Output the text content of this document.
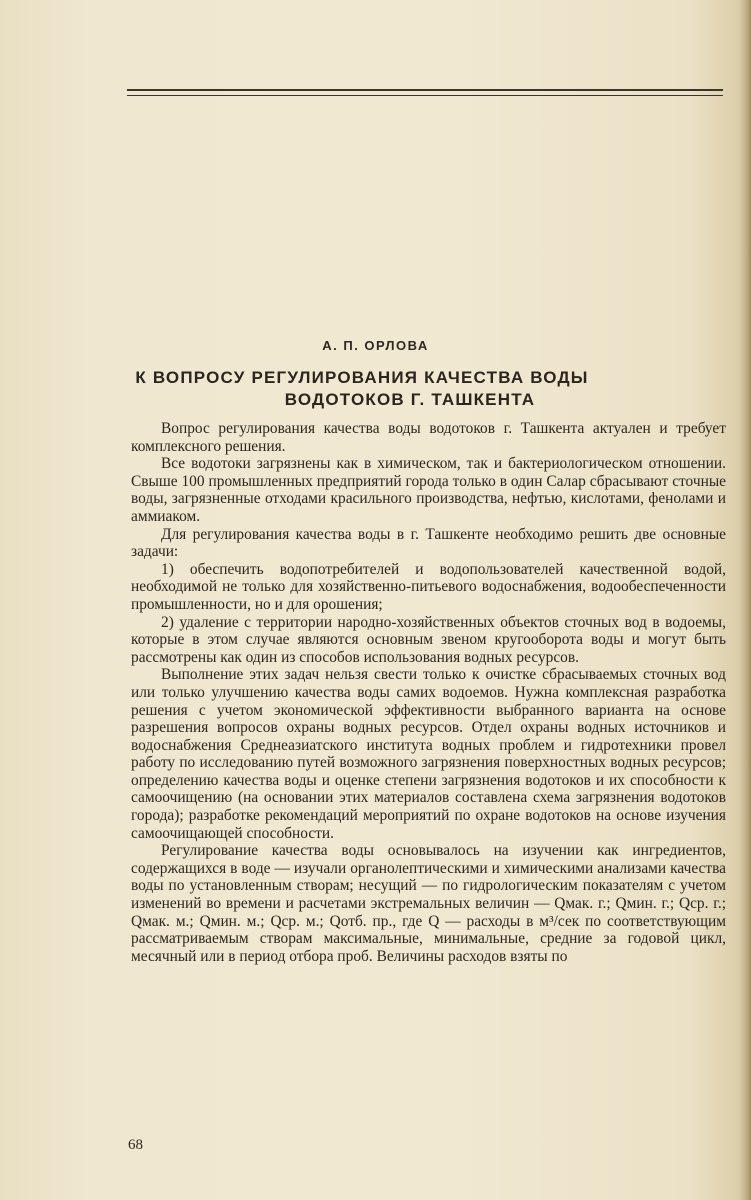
А. П. ОРЛОВА
К ВОПРОСУ РЕГУЛИРОВАНИЯ КАЧЕСТВА ВОДЫ
ВОДОТОКОВ Г. ТАШКЕНТА

Вопрос регулирования качества воды водотоков г. Ташкента актуален и требует комплексного решения.

Все водотоки загрязнены как в химическом, так и бактериологическом отношении. Свыше 100 промышленных предприятий города только в один Салар сбрасывают сточные воды, загрязненные отходами красильного производства, нефтью, кислотами, фенолами и аммиаком.

Для регулирования качества воды в г. Ташкенте необходимо решить две основные задачи:

1) обеспечить водопотребителей и водопользователей качественной водой, необходимой не только для хозяйственно-питьевого водоснабжения, водообеспеченности промышленности, но и для орошения;

2) удаление с территории народно-хозяйственных объектов сточных вод в водоемы, которые в этом случае являются основным звеном кругооборота воды и могут быть рассмотрены как один из способов использования водных ресурсов.

Выполнение этих задач нельзя свести только к очистке сбрасываемых сточных вод или только улучшению качества воды самих водоемов. Нужна комплексная разработка решения с учетом экономической эффективности выбранного варианта на основе разрешения вопросов охраны водных ресурсов. Отдел охраны водных источников и водоснабжения Среднеазиатского института водных проблем и гидротехники провел работу по исследованию путей возможного загрязнения поверхностных водных ресурсов; определению качества воды и оценке степени загрязнения водотоков и их способности к самоочищению (на основании этих материалов составлена схема загрязнения водотоков города); разработке рекомендаций мероприятий по охране водотоков на основе изучения самоочищающей способности.

Регулирование качества воды основывалось на изучении как ингредиентов, содержащихся в воде — изучали органолептическими и химическими анализами качества воды по установленным створам; несущий — по гидрологическим показателям с учетом изменений во времени и расчетами экстремальных величин — Qмак. г.; Qмин. г.; Qср. г.; Qмак. м.; Qмин. м.; Qср. м.; Qотб. пр., где Q — расходы в м³/сек по соответствующим рассматриваемым створам максимальные, минимальные, средние за годовой цикл, месячный или в период отбора проб. Величины расходов взяты по

68
